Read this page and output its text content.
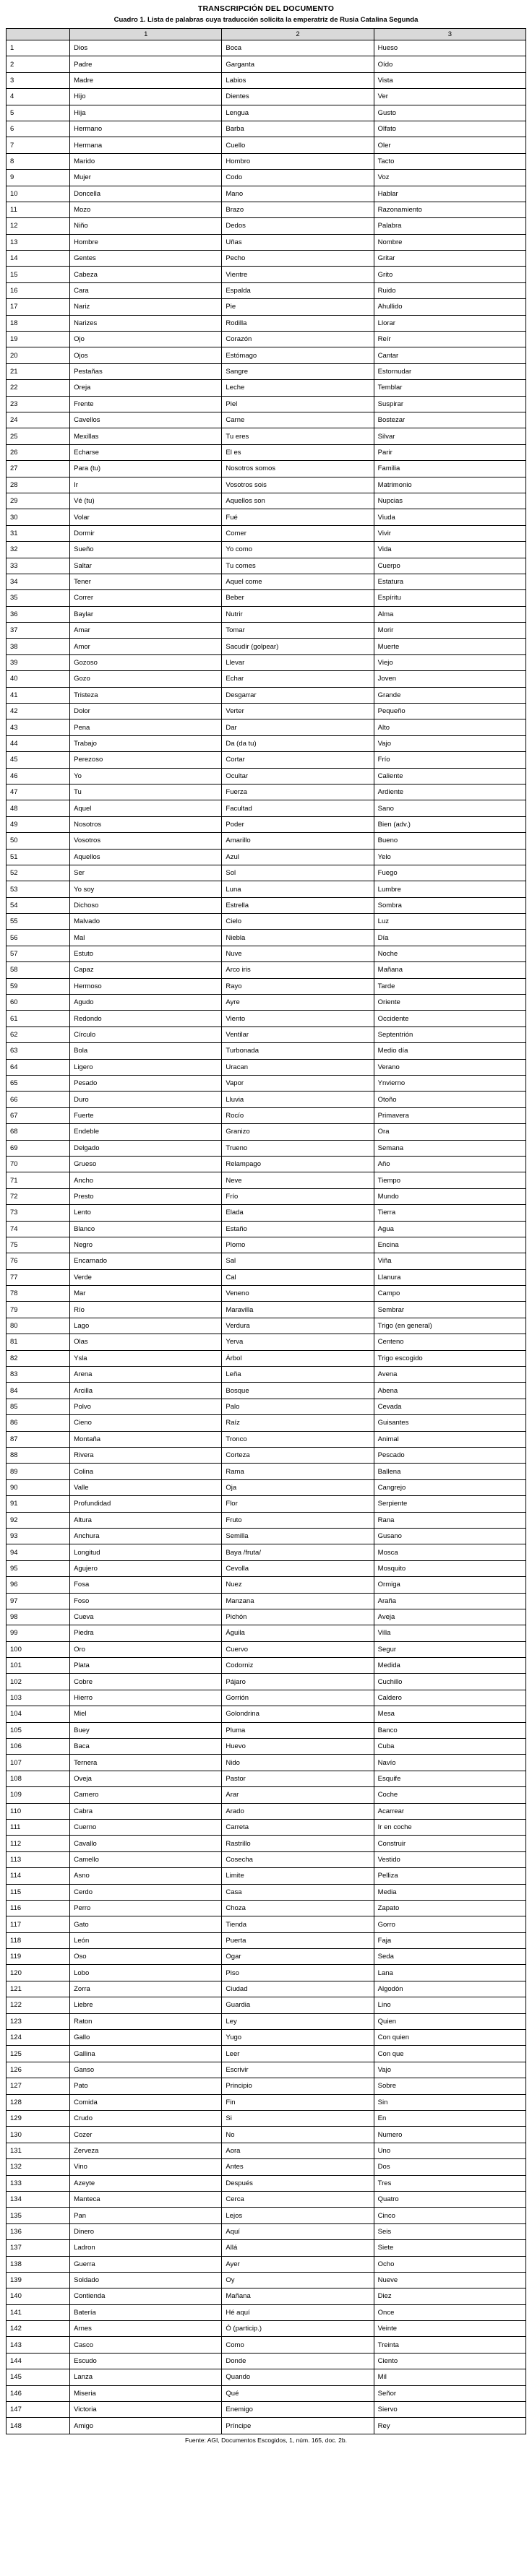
TRANSCRIPCIÓN DEL DOCUMENTO
Cuadro 1. Lista de palabras cuya traducción solicita la emperatriz de Rusia Catalina Segunda
	1	2	3
1	Dios	Boca	Hueso
2	Padre	Garganta	Oído
3	Madre	Labios	Vista
4	Hijo	Dientes	Ver
5	Hija	Lengua	Gusto
6	Hermano	Barba	Olfato
7	Hermana	Cuello	Oler
8	Marido	Hombro	Tacto
9	Mujer	Codo	Voz
10	Doncella	Mano	Hablar
11	Mozo	Brazo	Razonamiento
12	Niño	Dedos	Palabra
13	Hombre	Uñas	Nombre
14	Gentes	Pecho	Gritar
15	Cabeza	Vientre	Grito
16	Cara	Espalda	Ruido
17	Nariz	Pie	Ahullido
18	Narizes	Rodilla	Llorar
19	Ojo	Corazón	Reír
20	Ojos	Estómago	Cantar
21	Pestañas	Sangre	Estornudar
22	Oreja	Leche	Temblar
23	Frente	Piel	Suspirar
24	Cavellos	Carne	Bostezar
25	Mexillas	Tu eres	Silvar
26	Echarse	El es	Parir
27	Para (tu)	Nosotros somos	Familia
28	Ir	Vosotros sois	Matrimonio
29	Vé (tu)	Aquellos son	Nupcias
30	Volar	Fué	Viuda
31	Dormir	Comer	Vivir
32	Sueño	Yo como	Vida
33	Saltar	Tu comes	Cuerpo
34	Tener	Aquel come	Estatura
35	Correr	Beber	Espíritu
36	Baylar	Nutrir	Alma
37	Amar	Tomar	Morir
38	Amor	Sacudir (golpear)	Muerte
39	Gozoso	Llevar	Viejo
40	Gozo	Echar	Joven
41	Tristeza	Desgarrar	Grande
42	Dolor	Verter	Pequeño
43	Pena	Dar	Alto
44	Trabajo	Da (da tu)	Vajo
45	Perezoso	Cortar	Frío
46	Yo	Ocultar	Caliente
47	Tu	Fuerza	Ardiente
48	Aquel	Facultad	Sano
49	Nosotros	Poder	Bien (adv.)
50	Vosotros	Amarillo	Bueno
51	Aquellos	Azul	Yelo
52	Ser	Sol	Fuego
53	Yo soy	Luna	Lumbre
54	Dichoso	Estrella	Sombra
55	Malvado	Cielo	Luz
56	Mal	Niebla	Día
57	Estuto	Nuve	Noche
58	Capaz	Arco iris	Mañana
59	Hermoso	Rayo	Tarde
60	Agudo	Ayre	Oriente
61	Redondo	Viento	Occidente
62	Círculo	Ventilar	Septentrión
63	Bola	Turbonada	Medio día
64	Ligero	Uracan	Verano
65	Pesado	Vapor	Ynvierno
66	Duro	Lluvia	Otoño
67	Fuerte	Rocío	Primavera
68	Endeble	Granizo	Ora
69	Delgado	Trueno	Semana
70	Grueso	Relampago	Año
71	Ancho	Neve	Tiempo
72	Presto	Frío	Mundo
73	Lento	Elada	Tierra
74	Blanco	Estaño	Agua
75	Negro	Plomo	Encina
76	Encarnado	Sal	Viña
77	Verde	Cal	Llanura
78	Mar	Veneno	Campo
79	Río	Maravilla	Sembrar
80	Lago	Verdura	Trigo (en general)
81	Olas	Yerva	Centeno
82	Ysla	Árbol	Trigo escogido
83	Arena	Leña	Avena
84	Arcilla	Bosque	Abena
85	Polvo	Palo	Cevada
86	Cieno	Raíz	Guisantes
87	Montaña	Tronco	Animal
88	Rivera	Corteza	Pescado
89	Colina	Rama	Ballena
90	Valle	Oja	Cangrejo
91	Profundidad	Flor	Serpiente
92	Altura	Fruto	Rana
93	Anchura	Semilla	Gusano
94	Longitud	Baya /fruta/	Mosca
95	Agujero	Cevolla	Mosquito
96	Fosa	Nuez	Ormiga
97	Foso	Manzana	Araña
98	Cueva	Pichón	Aveja
99	Piedra	Águila	Villa
100	Oro	Cuervo	Segur
101	Plata	Codorniz	Medida
102	Cobre	Pájaro	Cuchillo
103	Hierro	Gorrión	Caldero
104	Miel	Golondrina	Mesa
105	Buey	Pluma	Banco
106	Baca	Huevo	Cuba
107	Ternera	Nido	Navío
108	Oveja	Pastor	Esquife
109	Carnero	Arar	Coche
110	Cabra	Arado	Acarrear
111	Cuerno	Carreta	Ir en coche
112	Cavallo	Rastrillo	Construir
113	Camello	Cosecha	Vestido
114	Asno	Limite	Pelliza
115	Cerdo	Casa	Media
116	Perro	Choza	Zapato
117	Gato	Tienda	Gorro
118	León	Puerta	Faja
119	Oso	Ogar	Seda
120	Lobo	Piso	Lana
121	Zorra	Ciudad	Algodón
122	Liebre	Guardia	Lino
123	Raton	Ley	Quien
124	Gallo	Yugo	Con quien
125	Gallina	Leer	Con que
126	Ganso	Escrivir	Vajo
127	Pato	Principio	Sobre
128	Comida	Fin	Sin
129	Crudo	Si	En
130	Cozer	No	Numero
131	Zerveza	Aora	Uno
132	Vino	Antes	Dos
133	Azeyte	Después	Tres
134	Manteca	Cerca	Quatro
135	Pan	Lejos	Cinco
136	Dinero	Aquí	Seis
137	Ladron	Allá	Siete
138	Guerra	Ayer	Ocho
139	Soldado	Oy	Nueve
140	Contienda	Mañana	Diez
141	Batería	Hé aquí	Once
142	Arnes	Ó (particip.)	Veinte
143	Casco	Como	Treinta
144	Escudo	Donde	Ciento
145	Lanza	Quando	Mil
146	Miseria	Qué	Señor
147	Victoria	Enemigo	Siervo
148	Amigo	Príncipe	Rey
Fuente: AGI, Documentos Escogidos, 1, núm. 165, doc. 2b.
